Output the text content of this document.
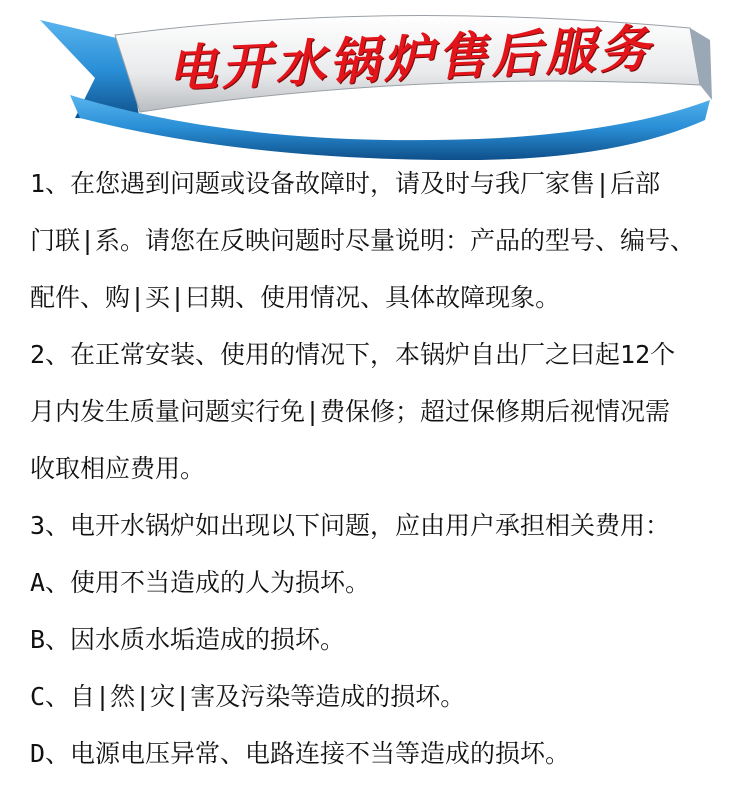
电开水锅炉售后服务
1、在您遇到问题或设备故障时，请及时与我厂家售|后部
门联|系。请您在反映问题时尽量说明：产品的型号、编号、
配件、购|买|曰期、使用情况、具体故障现象。
2、在正常安装、使用的情况下，本锅炉自出厂之曰起12个
月内发生质量问题实行免|费保修；超过保修期后视情况需
收取相应费用。
3、电开水锅炉如出现以下问题，应由用户承担相关费用：
A、使用不当造成的人为损坏。
B、因水质水垢造成的损坏。
C、自|然|灾|害及污染等造成的损坏。
D、电源电压异常、电路连接不当等造成的损坏。
